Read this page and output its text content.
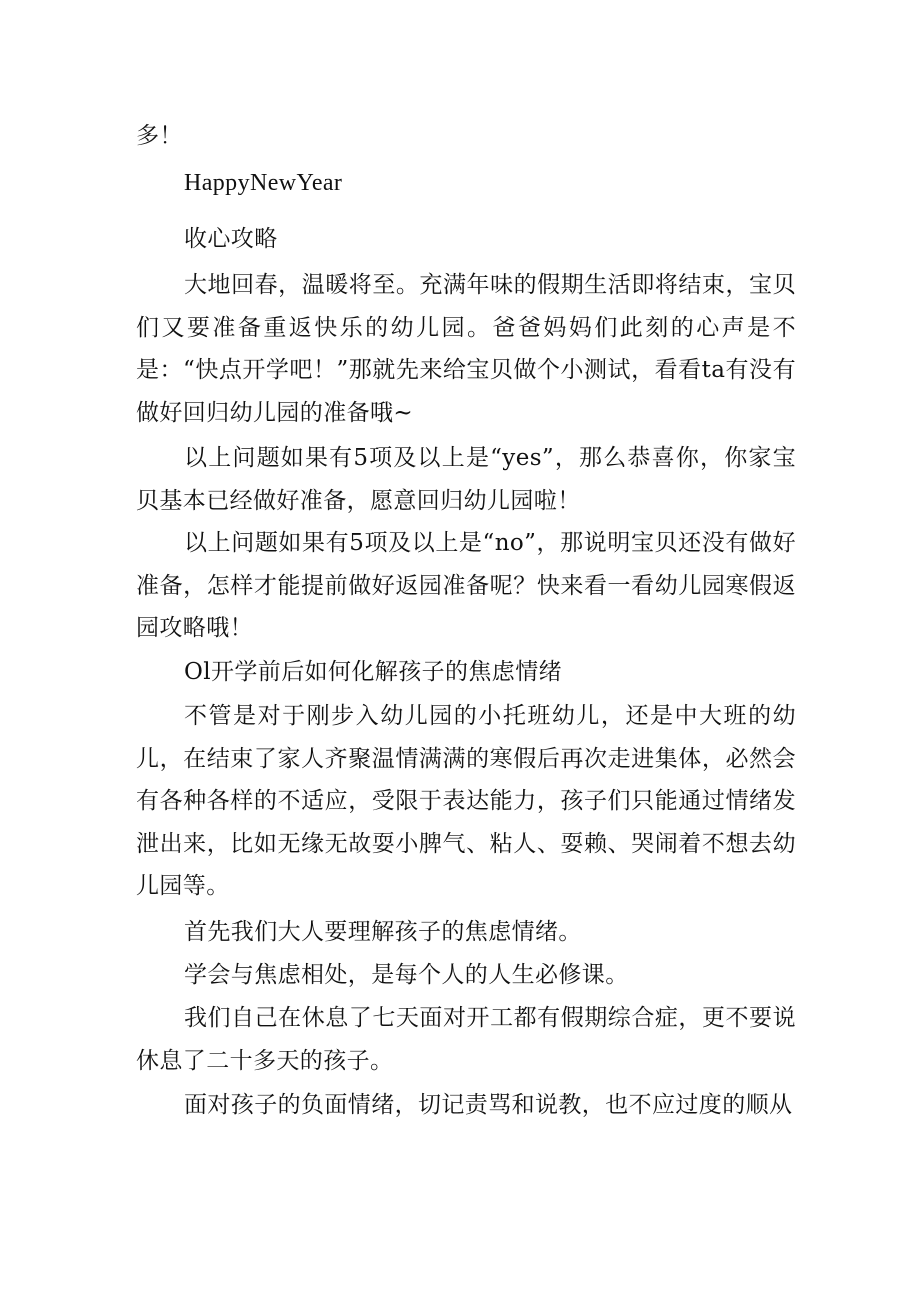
多！
HappyNewYear
收心攻略

大地回春，温暖将至。充满年味的假期生活即将结束，宝贝们又要准备重返快乐的幼儿园。爸爸妈妈们此刻的心声是不是：“快点开学吧！”那就先来给宝贝做个小测试，看看ta有没有做好回归幼儿园的准备哦~

以上问题如果有5项及以上是“yes”，那么恭喜你，你家宝贝基本已经做好准备，愿意回归幼儿园啦！

以上问题如果有5项及以上是“no”，那说明宝贝还没有做好准备，怎样才能提前做好返园准备呢？快来看一看幼儿园寒假返园攻略哦！

Ol开学前后如何化解孩子的焦虑情绪

不管是对于刚步入幼儿园的小托班幼儿，还是中大班的幼儿，在结束了家人齐聚温情满满的寒假后再次走进集体，必然会有各种各样的不适应，受限于表达能力，孩子们只能通过情绪发泄出来，比如无缘无故耍小脾气、粘人、耍赖、哭闹着不想去幼儿园等。

首先我们大人要理解孩子的焦虑情绪。
学会与焦虑相处，是每个人的人生必修课。

我们自己在休息了七天面对开工都有假期综合症，更不要说休息了二十多天的孩子。

面对孩子的负面情绪，切记责骂和说教，也不应过度的顺从
